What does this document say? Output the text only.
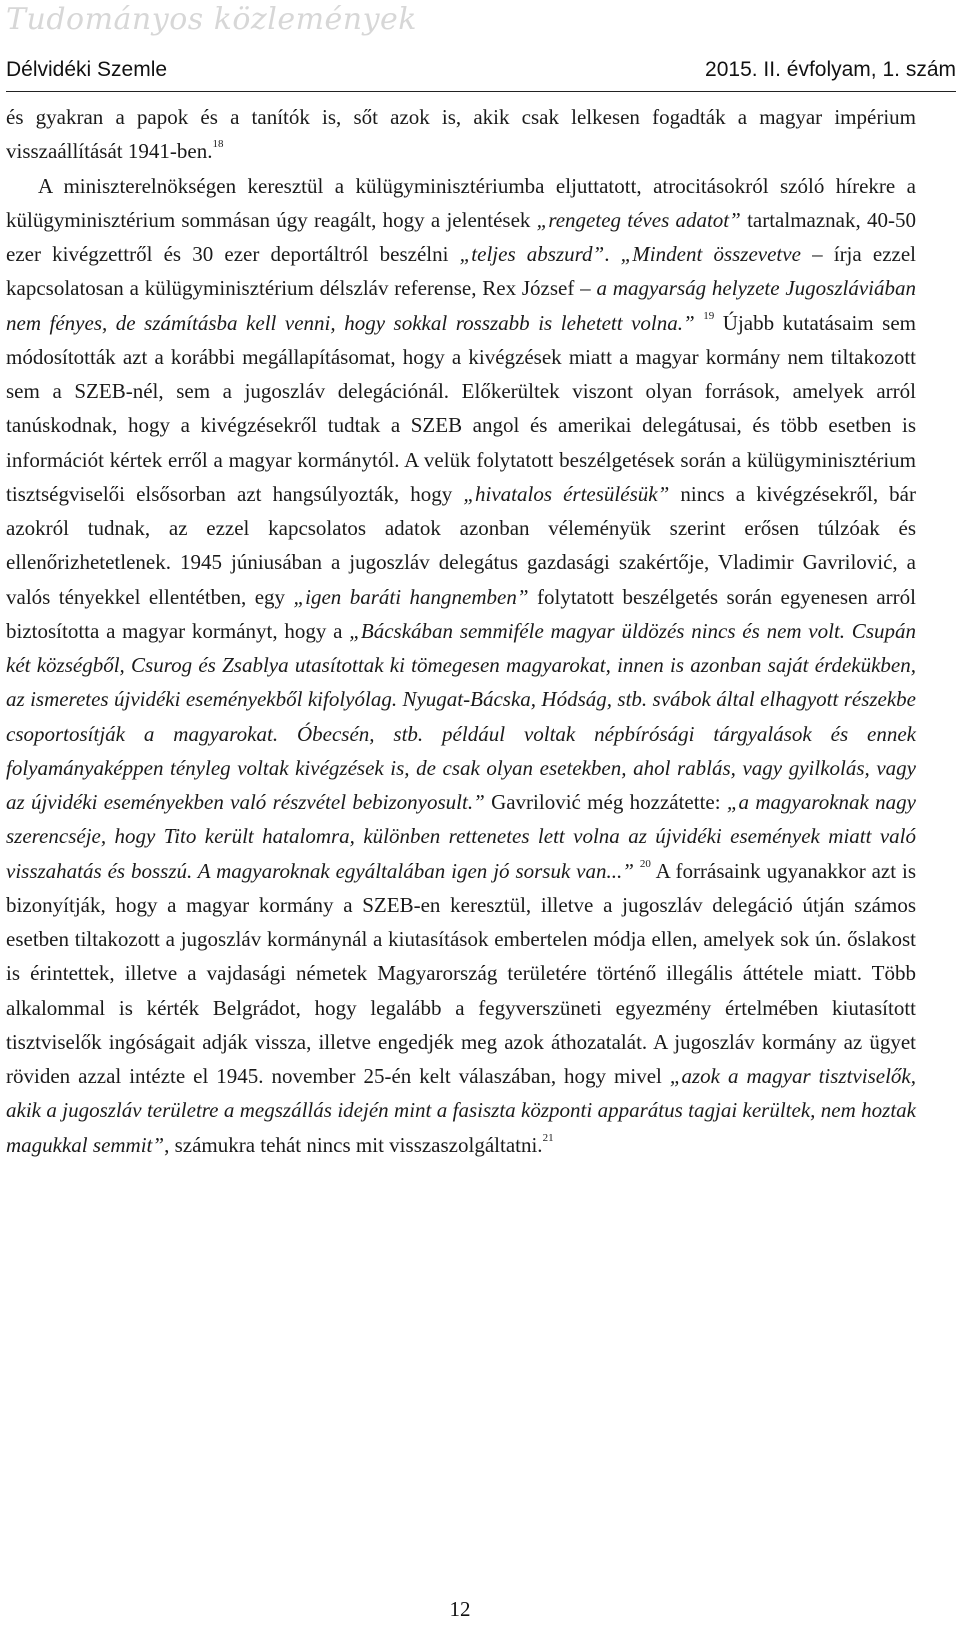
Tudományos közlemények
Délvidéki Szemle	2015. II. évfolyam, 1. szám

és gyakran a papok és a tanítók is, sőt azok is, akik csak lelkesen fogadták a magyar impérium visszaállítását 1941-ben.$^{18}$

A miniszterelnökségen keresztül a külügyminisztériumba eljuttatott, atrocitásokról szóló hírekre a külügyminisztérium sommásan úgy reagált, hogy a jelentések „rengeteg téves adatot” tartalmaznak, 40-50 ezer kivégzettről és 30 ezer deportáltról beszélni „teljes abszurd”. „Mindent összevetve – írja ezzel kapcsolatosan a külügyminisztérium délszláv referense, Rex József – a magyarság helyzete Jugoszláviában nem fényes, de számításba kell venni, hogy sokkal rosszabb is lehetett volna.” $^{19}$ Újabb kutatásaim sem módosították azt a korábbi megállapításomat, hogy a kivégzések miatt a magyar kormány nem tiltakozott sem a SZEB-nél, sem a jugoszláv delegációnál. Előkerültek viszont olyan források, amelyek arról tanúskodnak, hogy a kivégzésekről tudtak a SZEB angol és amerikai delegátusai, és több esetben is információt kértek erről a magyar kormánytól. A velük folytatott beszélgetések során a külügyminisztérium tisztségviselői elsősorban azt hangsúlyozták, hogy „hivatalos értesülésük” nincs a kivégzésekről, bár azokról tudnak, az ezzel kapcsolatos adatok azonban véleményük szerint erősen túlzóak és ellenőrizhetetlenek. 1945 júniusában a jugoszláv delegátus gazdasági szakértője, Vladimir Gavrilović, a valós tényekkel ellentétben, egy „igen baráti hangnemben” folytatott beszélgetés során egyenesen arról biztosította a magyar kormányt, hogy a „Bácskában semmiféle magyar üldözés nincs és nem volt. Csupán két községből, Csurog és Zsablya utasítottak ki tömegesen magyarokat, innen is azonban saját érdekükben, az ismeretes újvidéki eseményekből kifolyólag. Nyugat-Bácska, Hódság, stb. svábok által elhagyott részekbe csoportosítják a magyarokat. Óbecsén, stb. például voltak népbírósági tárgyalások és ennek folyamányaképpen tényleg voltak kivégzések is, de csak olyan esetekben, ahol rablás, vagy gyilkolás, vagy az újvidéki eseményekben való részvétel bebizonyosult.” Gavrilović még hozzátette: „a magyaroknak nagy szerencséje, hogy Tito került hatalomra, különben rettenetes lett volna az újvidéki események miatt való visszahatás és bosszú. A magyaroknak egyáltalában igen jó sorsuk van...” $^{20}$ A forrásaink ugyanakkor azt is bizonyítják, hogy a magyar kormány a SZEB-en keresztül, illetve a jugoszláv delegáció útján számos esetben tiltakozott a jugoszláv kormánynál a kiutasítások embertelen módja ellen, amelyek sok ún. őslakost is érintettek, illetve a vajdasági németek Magyarország területére történő illegális áttétele miatt. Több alkalommal is kérték Belgrádot, hogy legalább a fegyverszüneti egyezmény értelmében kiutasított tisztviselők ingóságait adják vissza, illetve engedjék meg azok áthozatalát. A jugoszláv kormány az ügyet röviden azzal intézte el 1945. november 25-én kelt válaszában, hogy mivel „azok a magyar tisztviselők, akik a jugoszláv területre a megszállás idején mint a fasiszta központi apparátus tagjai kerültek, nem hoztak magukkal semmit”, számukra tehát nincs mit visszaszolgáltatni.$^{21}$

12
